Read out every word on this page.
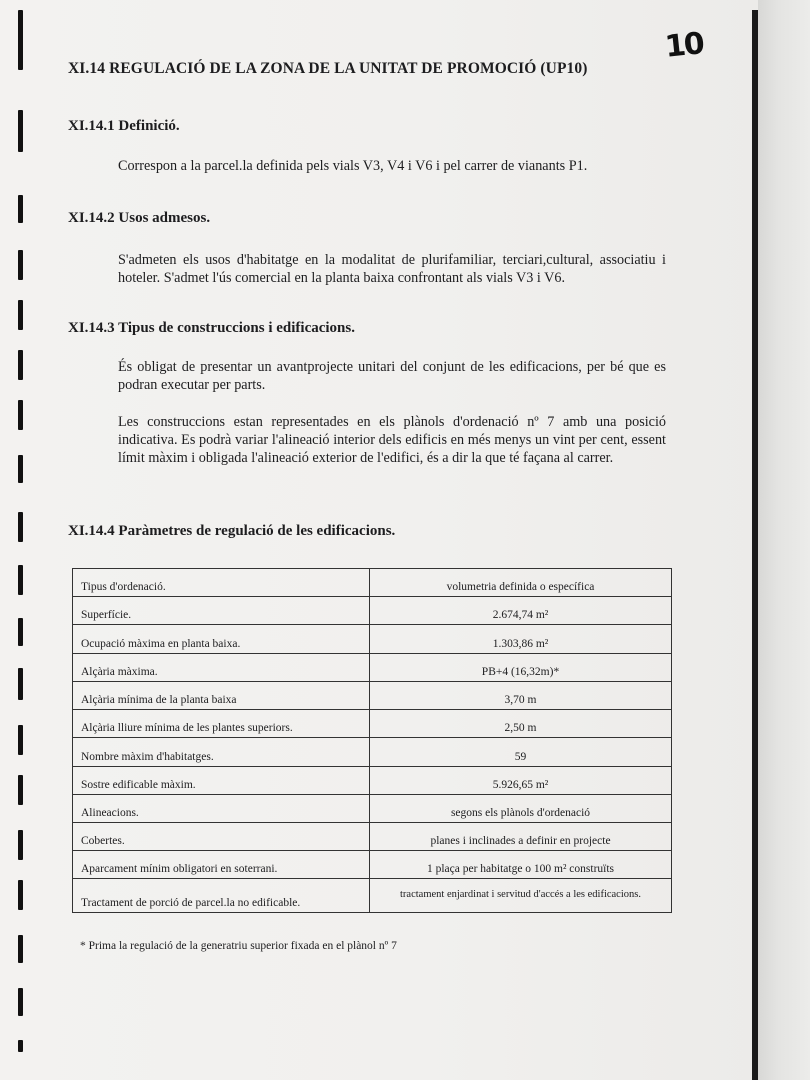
10
XI.14 REGULACIÓ DE LA ZONA DE LA UNITAT DE PROMOCIÓ (UP10)
XI.14.1 Definició.
Correspon a la parcel.la definida pels vials V3, V4 i V6 i pel carrer de vianants P1.
XI.14.2 Usos admesos.
S'admeten els usos d'habitatge en la modalitat de plurifamiliar, terciari,cultural, associatiu i hoteler. S'admet l'ús comercial en la planta baixa confrontant als vials V3 i V6.
XI.14.3 Tipus de construccions i edificacions.
És obligat de presentar un avantprojecte unitari del conjunt de les edificacions, per bé que es podran executar per parts.
Les construccions estan representades en els plànols d'ordenació nº 7 amb una posició indicativa. Es podrà variar l'alineació interior dels edificis en més menys un vint per cent, essent límit màxim i obligada l'alineació exterior de l'edifici, és a dir la que té façana al carrer.
XI.14.4 Paràmetres de regulació de les edificacions.
Tipus d'ordenació.	volumetria definida o específica
Superfície.	2.674,74 m²
Ocupació màxima en planta baixa.	1.303,86 m²
Alçària màxima.	PB+4 (16,32m)*
Alçària mínima de la planta baixa	3,70 m
Alçària lliure mínima de les plantes superiors.	2,50 m
Nombre màxim d'habitatges.	59
Sostre edificable màxim.	5.926,65 m²
Alineacions.	segons els plànols d'ordenació
Cobertes.	planes i inclinades a definir en projecte
Aparcament mínim obligatori en soterrani.	1 plaça per habitatge o 100 m² construïts
Tractament de porció de parcel.la no edificable.	tractament enjardinat i servitud d'accés a les edificacions.
* Prima la regulació de la generatriu superior fixada en el plànol nº 7
